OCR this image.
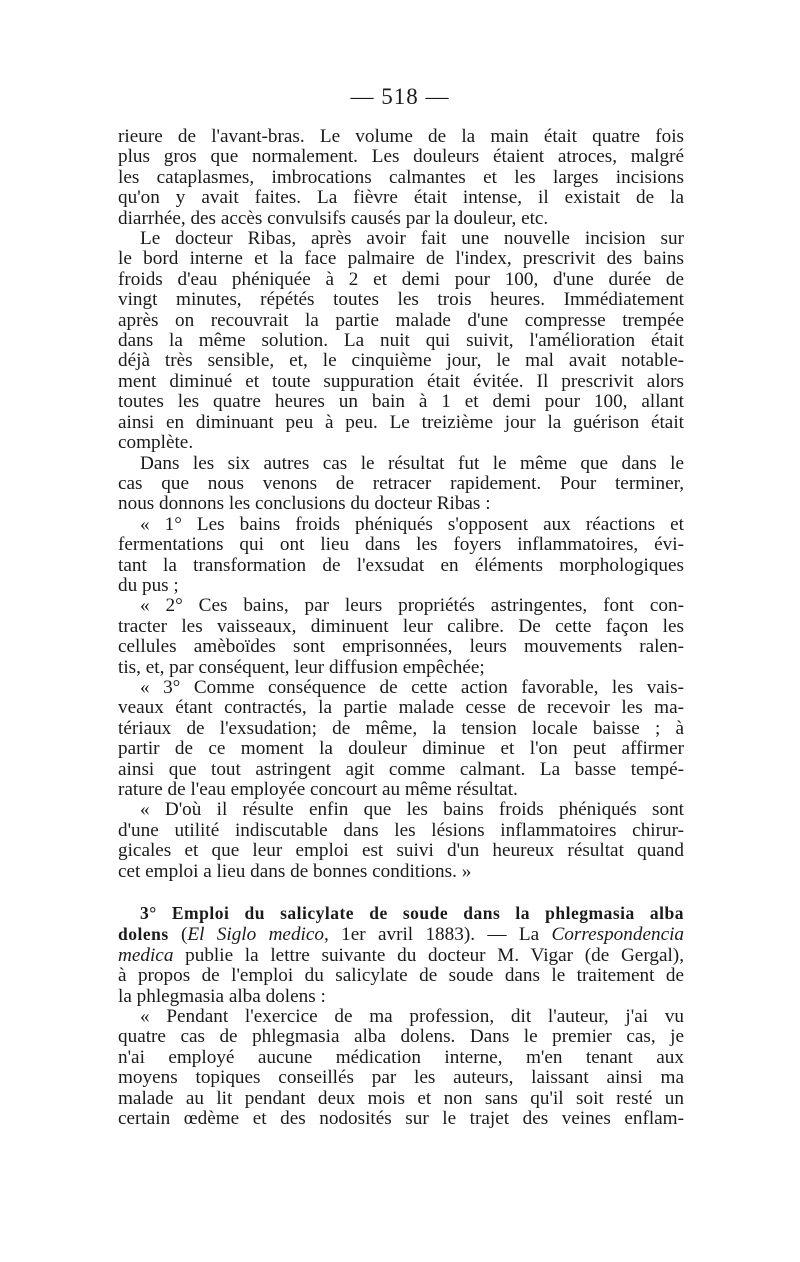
— 518 —

rieure de l'avant-bras. Le volume de la main était quatre fois

plus gros que normalement. Les douleurs étaient atroces, malgré

les cataplasmes, imbrocations calmantes et les larges incisions

qu'on y avait faites. La fièvre était intense, il existait de la

diarrhée, des accès convulsifs causés par la douleur, etc.

Le docteur Ribas, après avoir fait une nouvelle incision sur

le bord interne et la face palmaire de l'index, prescrivit des bains

froids d'eau phéniquée à 2 et demi pour 100, d'une durée de

vingt minutes, répétés toutes les trois heures. Immédiatement

après on recouvrait la partie malade d'une compresse trempée

dans la même solution. La nuit qui suivit, l'amélioration était

déjà très sensible, et, le cinquième jour, le mal avait notable-

ment diminué et toute suppuration était évitée. Il prescrivit alors

toutes les quatre heures un bain à 1 et demi pour 100, allant

ainsi en diminuant peu à peu. Le treizième jour la guérison était

complète.

Dans les six autres cas le résultat fut le même que dans le

cas que nous venons de retracer rapidement. Pour terminer,

nous donnons les conclusions du docteur Ribas :

« 1° Les bains froids phéniqués s'opposent aux réactions et

fermentations qui ont lieu dans les foyers inflammatoires, évi-

tant la transformation de l'exsudat en éléments morphologiques

du pus ;

« 2° Ces bains, par leurs propriétés astringentes, font con-

tracter les vaisseaux, diminuent leur calibre. De cette façon les

cellules amèboïdes sont emprisonnées, leurs mouvements ralen-

tis, et, par conséquent, leur diffusion empêchée;

« 3° Comme conséquence de cette action favorable, les vais-

veaux étant contractés, la partie malade cesse de recevoir les ma-

tériaux de l'exsudation; de même, la tension locale baisse ; à

partir de ce moment la douleur diminue et l'on peut affirmer

ainsi que tout astringent agit comme calmant. La basse tempé-

rature de l'eau employée concourt au même résultat.

« D'où il résulte enfin que les bains froids phéniqués sont

d'une utilité indiscutable dans les lésions inflammatoires chirur-

gicales et que leur emploi est suivi d'un heureux résultat quand

cet emploi a lieu dans de bonnes conditions. »

3° Emploi du salicylate de soude dans la phlegmasia alba

dolens (El Siglo medico, 1er avril 1883). — La Correspondencia

medica publie la lettre suivante du docteur M. Vigar (de Gergal),

à propos de l'emploi du salicylate de soude dans le traitement de

la phlegmasia alba dolens :

« Pendant l'exercice de ma profession, dit l'auteur, j'ai vu

quatre cas de phlegmasia alba dolens. Dans le premier cas, je

n'ai employé aucune médication interne, m'en tenant aux

moyens topiques conseillés par les auteurs, laissant ainsi ma

malade au lit pendant deux mois et non sans qu'il soit resté un

certain œdème et des nodosités sur le trajet des veines enflam-
